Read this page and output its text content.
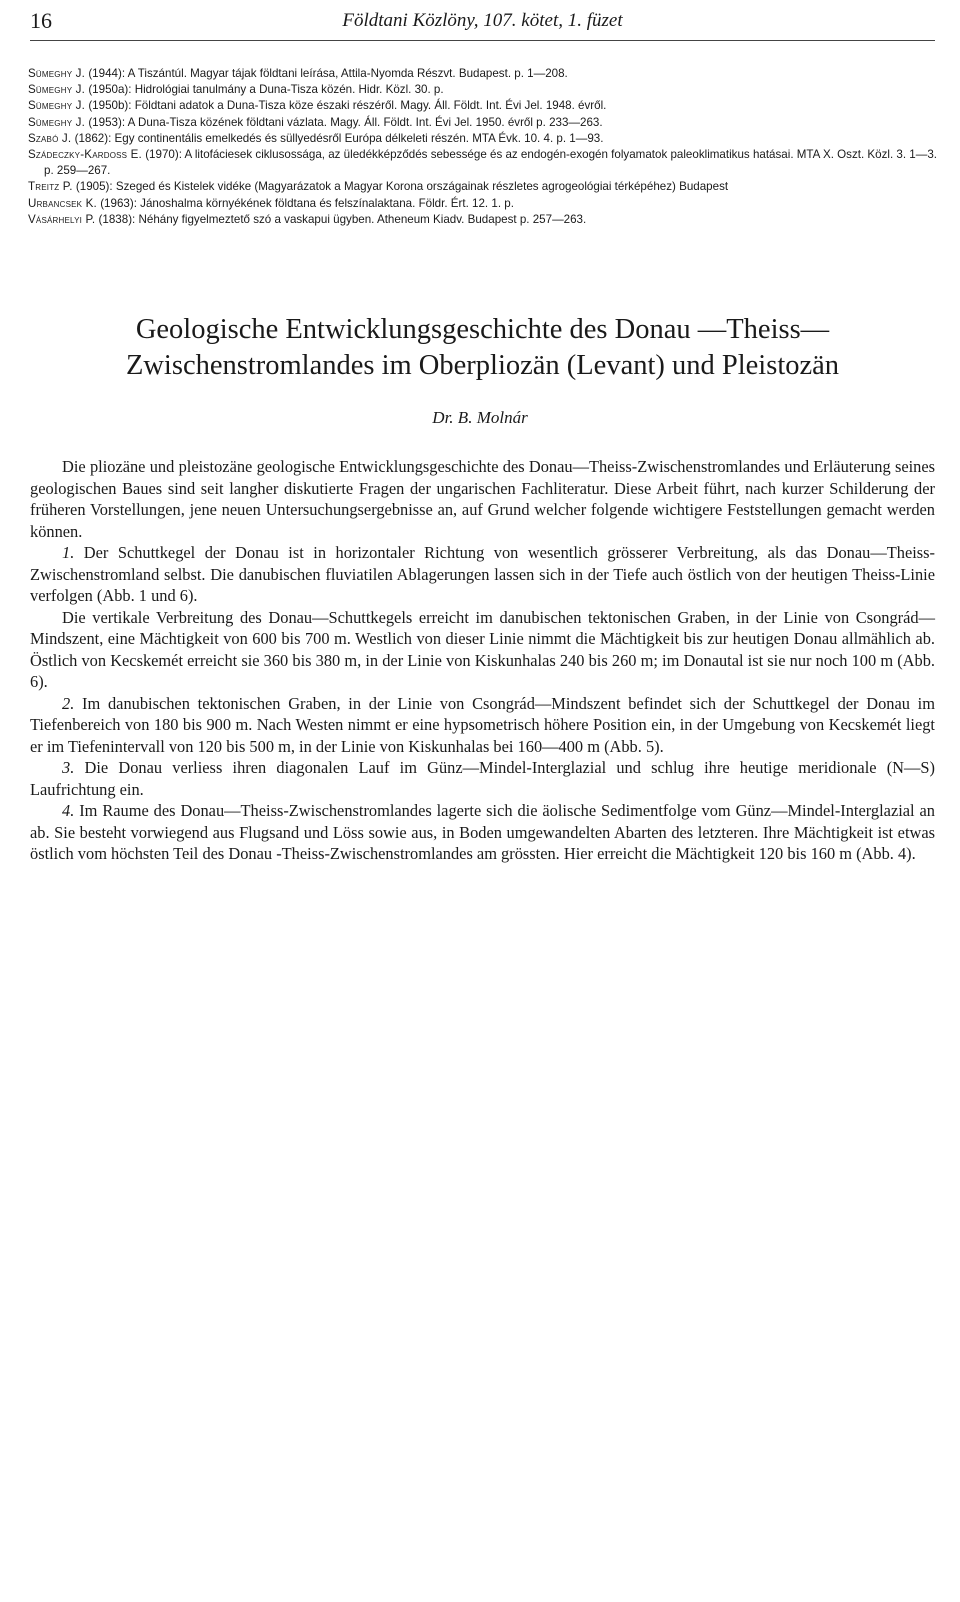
16	Földtani Közlöny, 107. kötet, 1. füzet

Sümeghy J. (1944): A Tiszántúl. Magyar tájak földtani leírása, Attila-Nyomda Részvt. Budapest. p. 1—208.

Sümeghy J. (1950a): Hidrológiai tanulmány a Duna-Tisza közén. Hidr. Közl. 30. p.

Sümeghy J. (1950b): Földtani adatok a Duna-Tisza köze északi részéről. Magy. Áll. Földt. Int. Évi Jel. 1948. évről.

Sümeghy J. (1953): A Duna-Tisza közének földtani vázlata. Magy. Áll. Földt. Int. Évi Jel. 1950. évről p. 233—263.

Szabó J. (1862): Egy continentális emelkedés és süllyedésről Európa délkeleti részén. MTA Évk. 10. 4. p. 1—93.

Szádeczky-Kardoss E. (1970): A litofáciesek ciklusossága, az üledékképződés sebessége és az endogén-exogén folyamatok paleoklimatikus hatásai. MTA X. Oszt. Közl. 3. 1—3. p. 259—267.

Treitz P. (1905): Szeged és Kistelek vidéke (Magyarázatok a Magyar Korona országainak részletes agrogeológiai térképéhez) Budapest

Urbancsek K. (1963): Jánoshalma környékének földtana és felszínalaktana. Földr. Ért. 12. 1. p.

Vásárhelyi P. (1838): Néhány figyelmeztető szó a vaskapui ügyben. Atheneum Kiadv. Budapest p. 257—263.

Geologische Entwicklungsgeschichte des Donau —Theiss— Zwischenstromlandes im Oberpliozän (Levant) und Pleistozän
Dr. B. Molnár

Die pliozäne und pleistozäne geologische Entwicklungsgeschichte des Donau—Theiss-Zwischenstromlandes und Erläuterung seines geologischen Baues sind seit langher diskutierte Fragen der ungarischen Fachliteratur. Diese Arbeit führt, nach kurzer Schilderung der früheren Vorstellungen, jene neuen Untersuchungsergebnisse an, auf Grund welcher folgende wichtigere Feststellungen gemacht werden können.

1. Der Schuttkegel der Donau ist in horizontaler Richtung von wesentlich grösserer Verbreitung, als das Donau—Theiss-Zwischenstromland selbst. Die danubischen fluviatilen Ablagerungen lassen sich in der Tiefe auch östlich von der heutigen Theiss-Linie verfolgen (Abb. 1 und 6).

Die vertikale Verbreitung des Donau—Schuttkegels erreicht im danubischen tektonischen Graben, in der Linie von Csongrád—Mindszent, eine Mächtigkeit von 600 bis 700 m. Westlich von dieser Linie nimmt die Mächtigkeit bis zur heutigen Donau allmählich ab. Östlich von Kecskemét erreicht sie 360 bis 380 m, in der Linie von Kiskunhalas 240 bis 260 m; im Donautal ist sie nur noch 100 m (Abb. 6).

2. Im danubischen tektonischen Graben, in der Linie von Csongrád—Mindszent befindet sich der Schuttkegel der Donau im Tiefenbereich von 180 bis 900 m. Nach Westen nimmt er eine hypsometrisch höhere Position ein, in der Umgebung von Kecskemét liegt er im Tiefenintervall von 120 bis 500 m, in der Linie von Kiskunhalas bei 160—400 m (Abb. 5).

3. Die Donau verliess ihren diagonalen Lauf im Günz—Mindel-Interglazial und schlug ihre heutige meridionale (N—S) Laufrichtung ein.

4. Im Raume des Donau—Theiss-Zwischenstromlandes lagerte sich die äolische Sedimentfolge vom Günz—Mindel-Interglazial an ab. Sie besteht vorwiegend aus Flugsand und Löss sowie aus, in Boden umgewandelten Abarten des letzteren. Ihre Mächtigkeit ist etwas östlich vom höchsten Teil des Donau -Theiss-Zwischenstromlandes am grössten. Hier erreicht die Mächtigkeit 120 bis 160 m (Abb. 4).
